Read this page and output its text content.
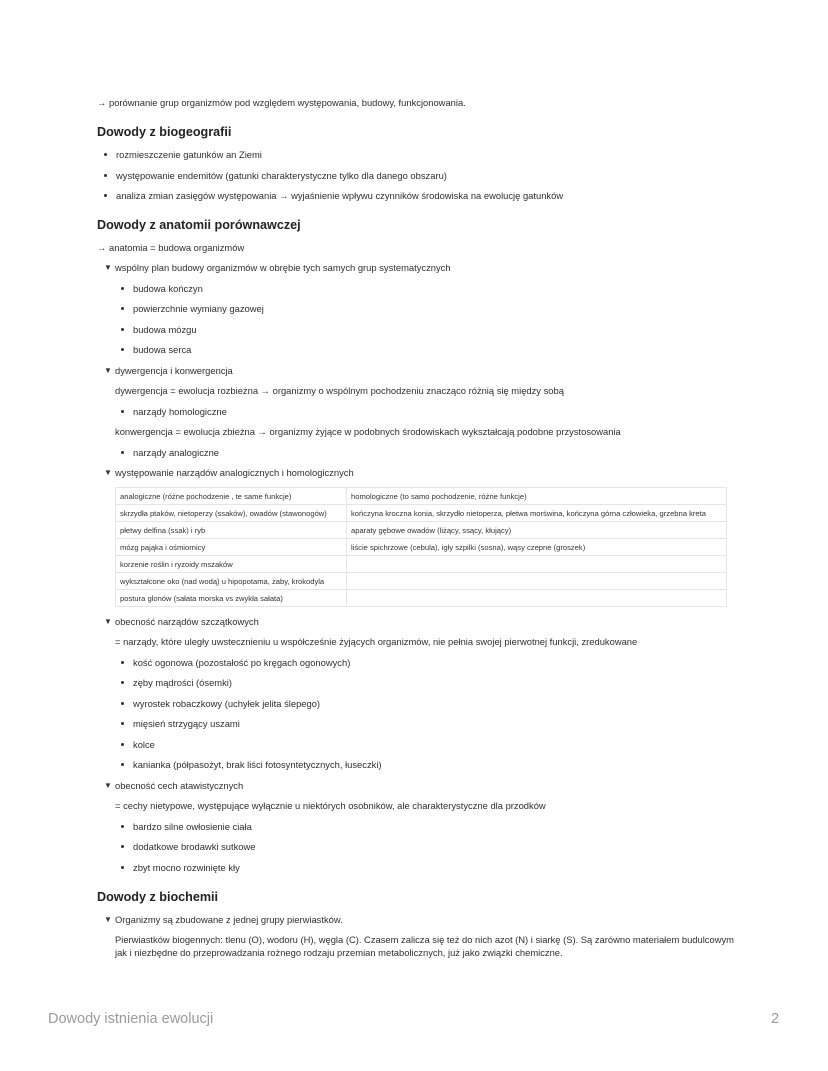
→ porównanie grup organizmów pod względem występowania, budowy, funkcjonowania.

Dowody z biogeografii
rozmieszczenie gatunków an Ziemi
występowanie endemitów (gatunki charakterystyczne tylko dla danego obszaru)
analiza zmian zasięgów występowania → wyjaśnienie wpływu czynników środowiska na ewolucję gatunków
Dowody z anatomii porównawczej

→ anatomia = budowa organizmów

▼ wspólny plan budowy organizmów w obrębie tych samych grup systematycznych
budowa kończyn
powierzchnie wymiany gazowej
budowa mózgu
budowa serca
▼ dywergencja i konwergencja

dywergencja = ewolucja rozbieżna → organizmy o wspólnym pochodzeniu znacząco różnią się między sobą

narządy homologiczne

konwergencja = ewolucja zbieżna → organizmy żyjące w podobnych środowiskach wykształcają podobne przystosowania

narządy analogiczne
▼ występowanie narządów analogicznych i homologicznych
analogiczne (różne pochodzenie , te same funkcje)	homologiczne (to samo pochodzenie, różne funkcje)
skrzydła ptaków, nietoperzy (ssaków), owadów (stawonogów)	kończyna kroczna konia, skrzydło nietoperza, płetwa morświna, kończyna górna człowieka, grzebna kreta
płetwy delfina (ssak) i ryb	aparaty gębowe owadów (liżący, ssący, kłujący)
mózg pająka i ośmiornicy	liście spichrzowe (cebula), igły szpilki (sosna), wąsy czepne (groszek)
korzenie roślin i ryzoidy mszaków	
wykształcone oko (nad wodą) u hipopotama, żaby, krokodyla	
postura glonów (sałata morska vs zwykła sałata)	
▼ obecność narządów szczątkowych

= narządy, które uległy uwstecznieniu u współcześnie żyjących organizmów, nie pełnia swojej pierwotnej funkcji, zredukowane

kość ogonowa (pozostałość po kręgach ogonowych)
zęby mądrości (ósemki)
wyrostek robaczkowy (uchyłek jelita ślepego)
mięsień strzygący uszami
kolce
kanianka (półpasożyt, brak liści fotosyntetycznych, łuseczki)
▼ obecność cech atawistycznych

= cechy nietypowe, występujące wyłącznie u niektórych osobników, ale charakterystyczne dla przodków

bardzo silne owłosienie ciała
dodatkowe brodawki sutkowe
zbyt mocno rozwinięte kły
Dowody z biochemii
▼ Organizmy są zbudowane z jednej grupy pierwiastków.

Pierwiastków biogennych: tlenu (O), wodoru (H), węgla (C). Czasem zalicza się też do nich azot (N) i siarkę (S). Są zarówno materiałem budulcowym jak i niezbędne do przeprowadzania rożnego rodzaju przemian metabolicznych, już jako związki chemiczne.

Dowody istnienia ewolucji	2
